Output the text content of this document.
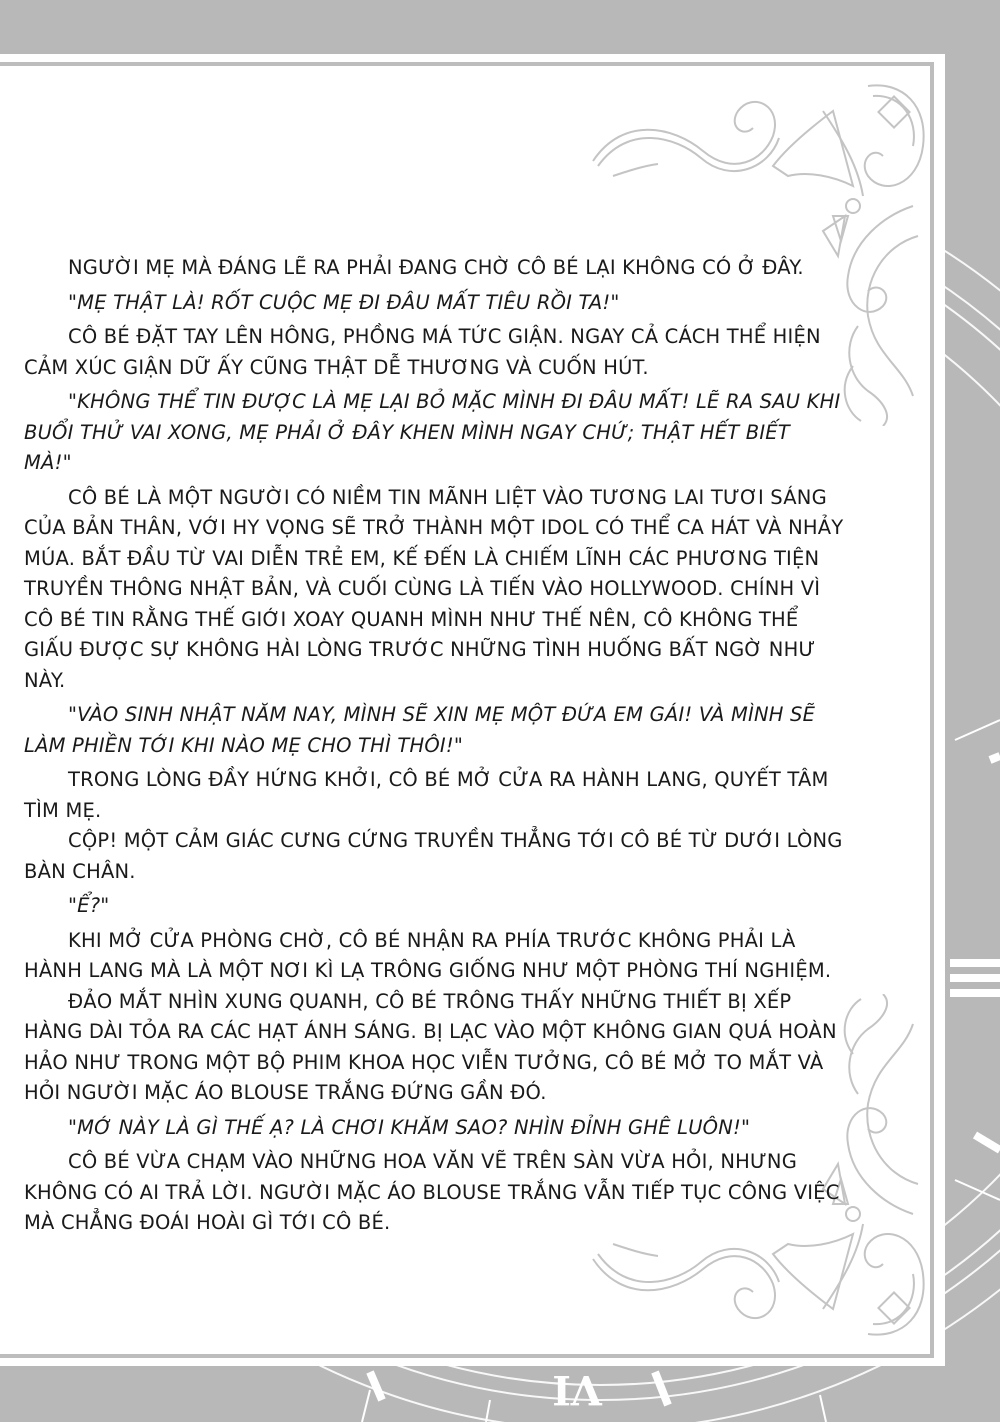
VI

NGƯỜI MẸ MÀ ĐÁNG LẼ RA PHẢI ĐANG CHỜ CÔ BÉ LẠI KHÔNG CÓ Ở ĐÂY.

"MẸ THẬT LÀ! RỐT CUỘC MẸ ĐI ĐÂU MẤT TIÊU RỒI TA!"

CÔ BÉ ĐẶT TAY LÊN HÔNG, PHỒNG MÁ TỨC GIẬN. NGAY CẢ CÁCH THỂ HIỆN CẢM XÚC GIẬN DỮ ẤY CŨNG THẬT DỄ THƯƠNG VÀ CUỐN HÚT.

"KHÔNG THỂ TIN ĐƯỢC LÀ MẸ LẠI BỎ MẶC MÌNH ĐI ĐÂU MẤT! LẼ RA SAU KHI BUỔI THỬ VAI XONG, MẸ PHẢI Ở ĐÂY KHEN MÌNH NGAY CHỨ; THẬT HẾT BIẾT MÀ!"

CÔ BÉ LÀ MỘT NGƯỜI CÓ NIỀM TIN MÃNH LIỆT VÀO TƯƠNG LAI TƯƠI SÁNG CỦA BẢN THÂN, VỚI HY VỌNG SẼ TRỞ THÀNH MỘT IDOL CÓ THỂ CA HÁT VÀ NHẢY MÚA. BẮT ĐẦU TỪ VAI DIỄN TRẺ EM, KẾ ĐẾN LÀ CHIẾM LĨNH CÁC PHƯƠNG TIỆN TRUYỀN THÔNG NHẬT BẢN, VÀ CUỐI CÙNG LÀ TIẾN VÀO HOLLYWOOD. CHÍNH VÌ CÔ BÉ TIN RẰNG THẾ GIỚI XOAY QUANH MÌNH NHƯ THẾ NÊN, CÔ KHÔNG THỂ GIẤU ĐƯỢC SỰ KHÔNG HÀI LÒNG TRƯỚC NHỮNG TÌNH HUỐNG BẤT NGỜ NHƯ NÀY.

"VÀO SINH NHẬT NĂM NAY, MÌNH SẼ XIN MẸ MỘT ĐỨA EM GÁI! VÀ MÌNH SẼ LÀM PHIỀN TỚI KHI NÀO MẸ CHO THÌ THÔI!"

TRONG LÒNG ĐẦY HỨNG KHỞI, CÔ BÉ MỞ CỬA RA HÀNH LANG, QUYẾT TÂM TÌM MẸ.

CỘP! MỘT CẢM GIÁC CƯNG CỨNG TRUYỀN THẲNG TỚI CÔ BÉ TỪ DƯỚI LÒNG BÀN CHÂN.

"Ể?"

KHI MỞ CỬA PHÒNG CHỜ, CÔ BÉ NHẬN RA PHÍA TRƯỚC KHÔNG PHẢI LÀ HÀNH LANG MÀ LÀ MỘT NƠI KÌ LẠ TRÔNG GIỐNG NHƯ MỘT PHÒNG THÍ NGHIỆM.

ĐẢO MẮT NHÌN XUNG QUANH, CÔ BÉ TRÔNG THẤY NHỮNG THIẾT BỊ XẾP HÀNG DÀI TỎA RA CÁC HẠT ÁNH SÁNG. BỊ LẠC VÀO MỘT KHÔNG GIAN QUÁ HOÀN HẢO NHƯ TRONG MỘT BỘ PHIM KHOA HỌC VIỄN TƯỞNG, CÔ BÉ MỞ TO MẮT VÀ HỎI NGƯỜI MẶC ÁO BLOUSE TRẮNG ĐỨNG GẦN ĐÓ.

"MỚ NÀY LÀ GÌ THẾ Ạ? LÀ CHƠI KHĂM SAO? NHÌN ĐỈNH GHÊ LUÔN!"

CÔ BÉ VỪA CHẠM VÀO NHỮNG HOA VĂN VẼ TRÊN SÀN VỪA HỎI, NHƯNG KHÔNG CÓ AI TRẢ LỜI. NGƯỜI MẶC ÁO BLOUSE TRẮNG VẪN TIẾP TỤC CÔNG VIỆC MÀ CHẲNG ĐOÁI HOÀI GÌ TỚI CÔ BÉ.
